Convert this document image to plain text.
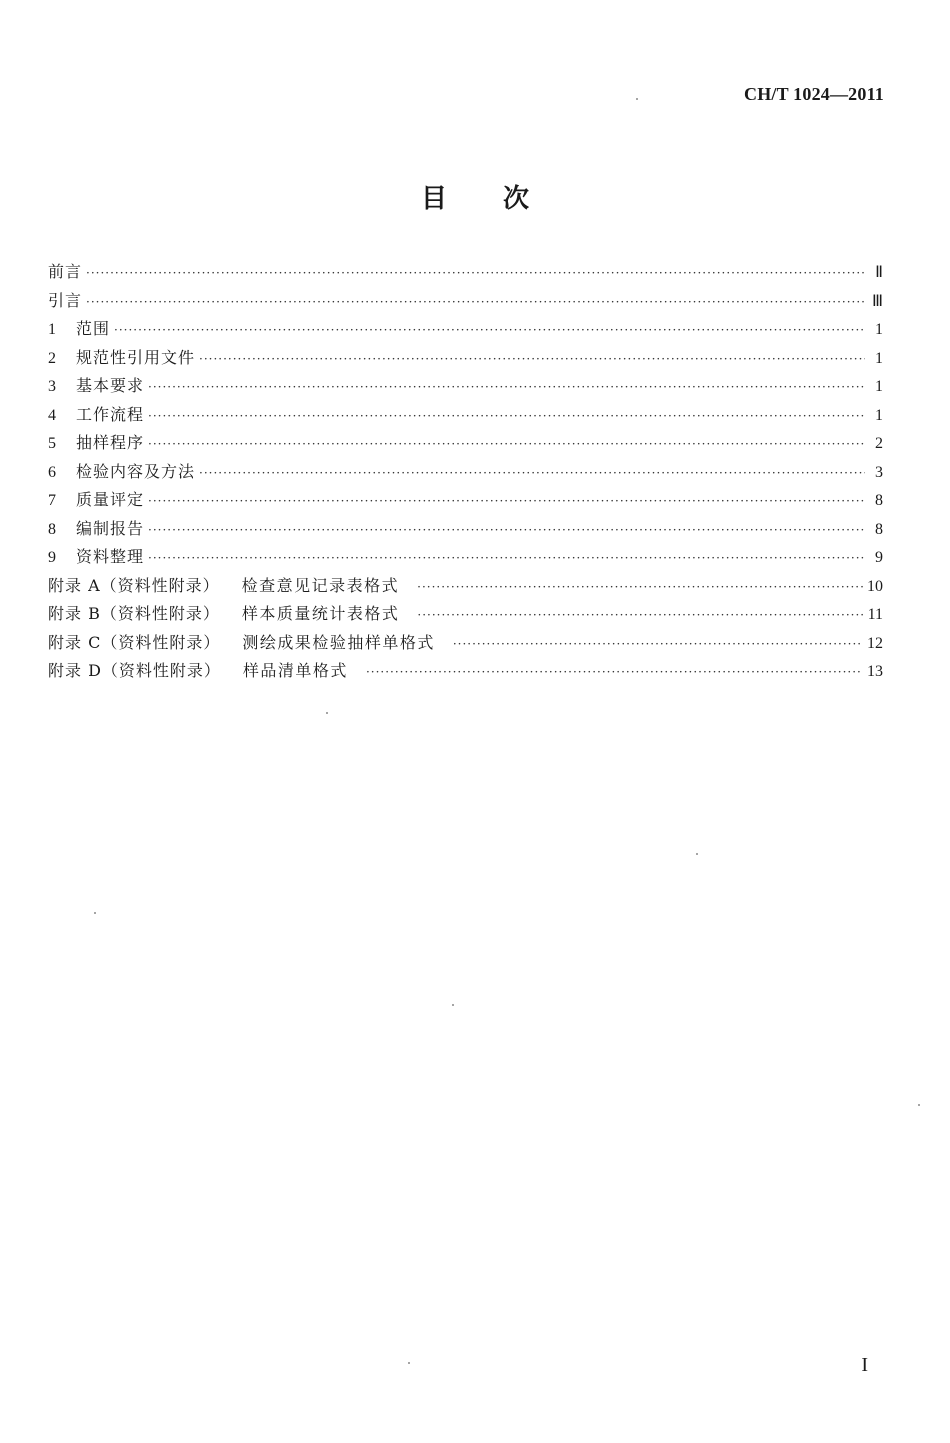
CH/T 1024—2011
目 次
前言 ·····	Ⅱ
引言 ·····	Ⅲ
1	范围 ·····	1
2	规范性引用文件 ·····	1
3	基本要求 ·····	1
4	工作流程 ·····	1
5	抽样程序 ·····	2
6	检验内容及方法 ·····	3
7	质量评定 ·····	8
8	编制报告 ·····	8
9	资料整理 ·····	9
附录 A（资料性附录） 检查意见记录表格式 ·····	10
附录 B（资料性附录） 样本质量统计表格式 ·····	11
附录 C（资料性附录） 测绘成果检验抽样单格式 ·····	12
附录 D（资料性附录） 样品清单格式 ·····	13
I
